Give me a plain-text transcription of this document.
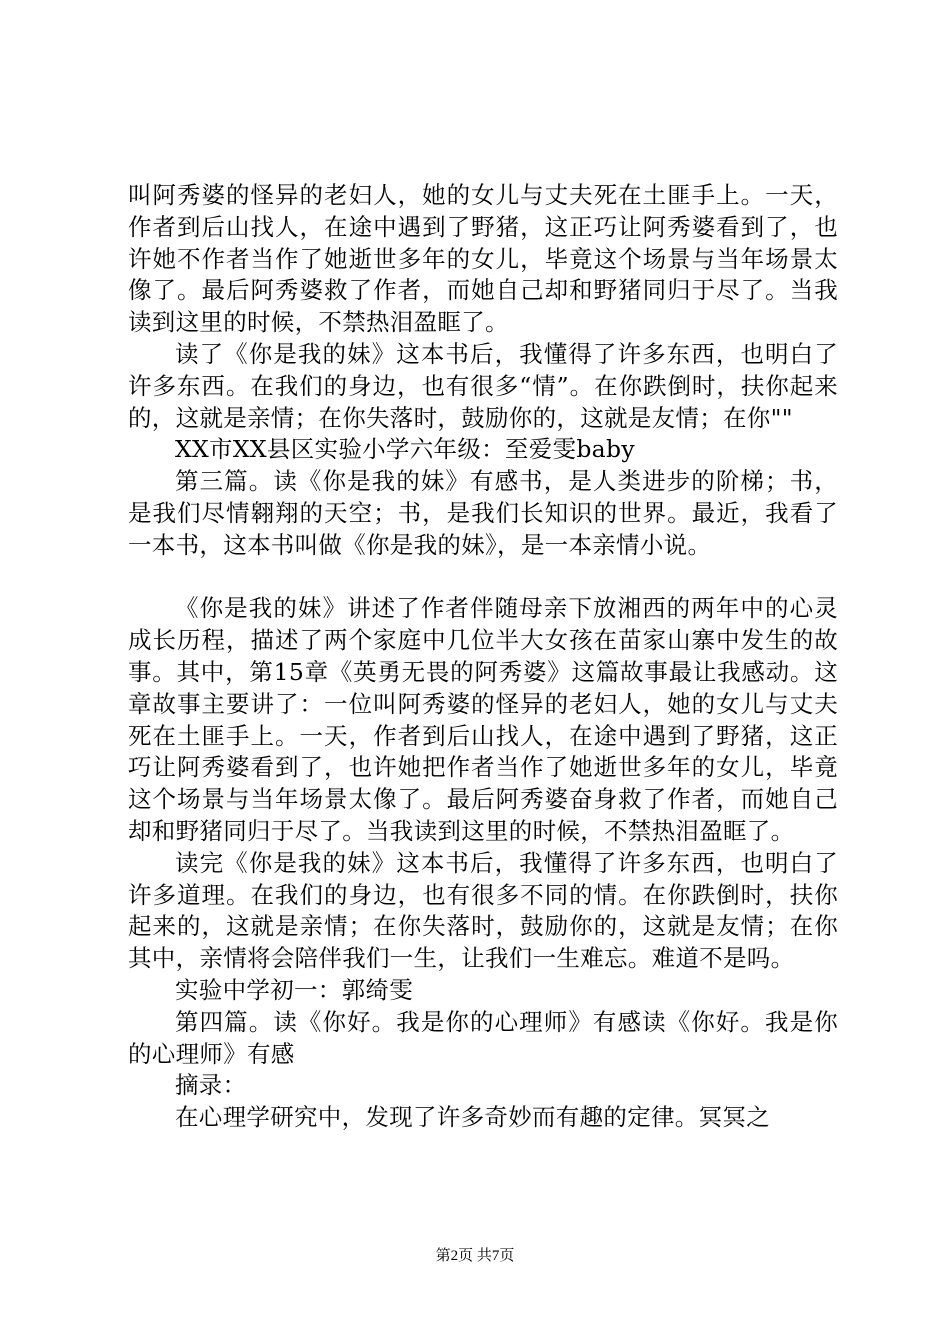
叫阿秀婆的怪异的老妇人，她的女儿与丈夫死在土匪手上。一天，作者到后山找人，在途中遇到了野猪，这正巧让阿秀婆看到了，也许她不作者当作了她逝世多年的女儿，毕竟这个场景与当年场景太像了。最后阿秀婆救了作者，而她自己却和野猪同归于尽了。当我读到这里的时候，不禁热泪盈眶了。

读了《你是我的妹》这本书后，我懂得了许多东西，也明白了许多东西。在我们的身边，也有很多“情”。在你跌倒时，扶你起来的，这就是亲情；在你失落时，鼓励你的，这就是友情；在你""

XX市XX县区实验小学六年级：至爱雯baby

第三篇。读《你是我的妹》有感书，是人类进步的阶梯；书，是我们尽情翱翔的天空；书，是我们长知识的世界。最近，我看了一本书，这本书叫做《你是我的妹》，是一本亲情小说。

《你是我的妹》讲述了作者伴随母亲下放湘西的两年中的心灵成长历程，描述了两个家庭中几位半大女孩在苗家山寨中发生的故事。其中，第15章《英勇无畏的阿秀婆》这篇故事最让我感动。这章故事主要讲了：一位叫阿秀婆的怪异的老妇人，她的女儿与丈夫死在土匪手上。一天，作者到后山找人，在途中遇到了野猪，这正巧让阿秀婆看到了，也许她把作者当作了她逝世多年的女儿，毕竟这个场景与当年场景太像了。最后阿秀婆奋身救了作者，而她自己却和野猪同归于尽了。当我读到这里的时候，不禁热泪盈眶了。

读完《你是我的妹》这本书后，我懂得了许多东西，也明白了许多道理。在我们的身边，也有很多不同的情。在你跌倒时，扶你起来的，这就是亲情；在你失落时，鼓励你的，这就是友情；在你其中，亲情将会陪伴我们一生，让我们一生难忘。难道不是吗。

实验中学初一：郭绮雯

第四篇。读《你好。我是你的心理师》有感读《你好。我是你的心理师》有感

摘录：

在心理学研究中，发现了许多奇妙而有趣的定律。冥冥之

第2页 共7页
